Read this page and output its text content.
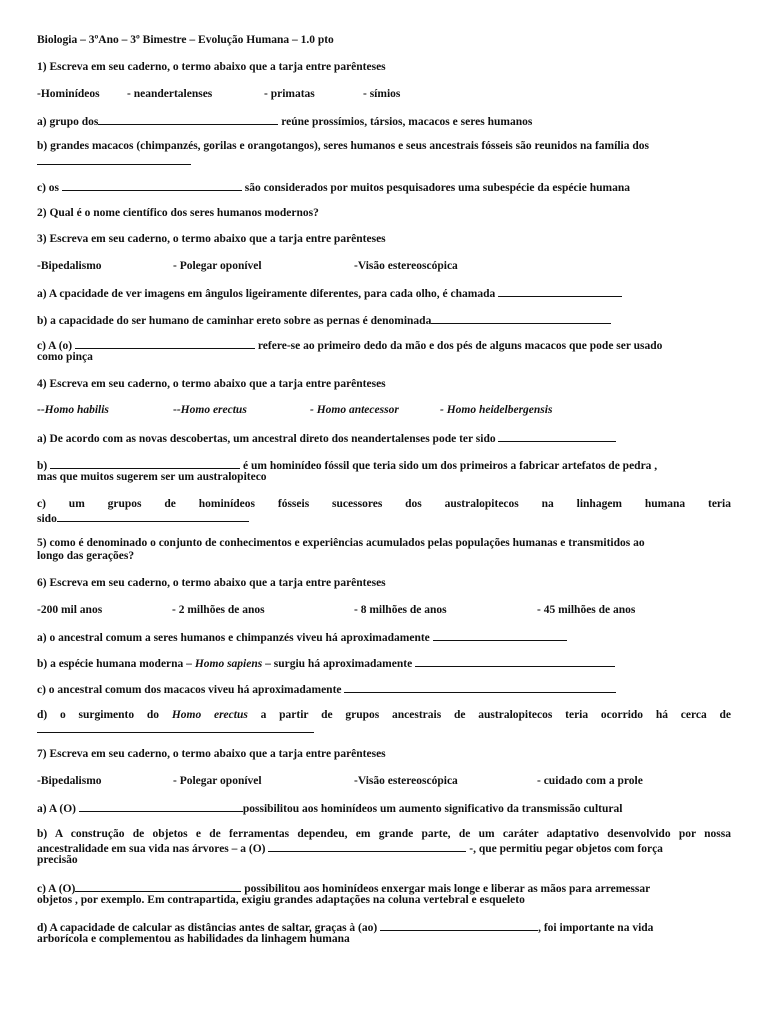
Biologia – 3ºAno – 3º Bimestre – Evolução Humana – 1.0 pto
1) Escreva em seu caderno, o termo abaixo que a tarja entre parênteses
-Hominídeos - neandertalenses	- primatas	- símios
a) grupo dos	reúne prossímios, társios, macacos e seres humanos
b) grandes macacos (chimpanzés, gorilas e orangotangos), seres humanos e seus ancestrais fósseis são reunidos na família dos
c) os	são considerados por muitos pesquisadores uma subespécie da espécie humana
2) Qual é o nome científico dos seres humanos modernos?
3) Escreva em seu caderno, o termo abaixo que a tarja entre parênteses
-Bipedalismo	- Polegar oponível	-Visão estereoscópica
a) A cpacidade de ver imagens em ângulos ligeiramente diferentes, para cada olho, é chamada
b) a capacidade do ser humano de caminhar ereto sobre as pernas é denominada
c) A (o)	refere-se ao primeiro dedo da mão e dos pés de alguns macacos que pode ser usado
como pinça
4) Escreva em seu caderno, o termo abaixo que a tarja entre parênteses
--Homo habilis	--Homo erectus	- Homo antecessor	- Homo heidelbergensis
a) De acordo com as novas descobertas, um ancestral direto dos neandertalenses pode ter sido
b)	é um hominídeo fóssil que teria sido um dos primeiros a fabricar artefatos de pedra ,
mas que muitos sugerem ser um australopiteco
c) um grupos de hominídeos fósseis sucessores dos australopitecos na linhagem humana teria
sido
5) como é denominado o conjunto de conhecimentos e experiências acumulados pelas populações humanas e transmitidos ao
longo das gerações?
6) Escreva em seu caderno, o termo abaixo que a tarja entre parênteses
-200 mil anos	- 2 milhões de anos	- 8 milhões de anos	- 45 milhões de anos
a) o ancestral comum a seres humanos e chimpanzés viveu há aproximadamente
b) a espécie humana moderna – Homo sapiens – surgiu há aproximadamente
c) o ancestral comum dos macacos viveu há aproximadamente
d) o surgimento do Homo erectus a partir de grupos ancestrais de australopitecos teria ocorrido há cerca de
7) Escreva em seu caderno, o termo abaixo que a tarja entre parênteses
-Bipedalismo	- Polegar oponível	-Visão estereoscópica	- cuidado com a prole
a) A (O)	possibilitou aos hominídeos um aumento significativo da transmissão cultural
b) A construção de objetos e de ferramentas dependeu, em grande parte, de um caráter adaptativo desenvolvido por nossa
ancestralidade em sua vida nas árvores – a (O)	-, que permitiu pegar objetos com força
precisão
c) A (O)	possibilitou aos hominídeos enxergar mais longe e liberar as mãos para arremessar
objetos , por exemplo. Em contrapartida, exigiu grandes adaptações na coluna vertebral e esqueleto
d) A capacidade de calcular as distâncias antes de saltar, graças à (ao)	, foi importante na vida
arborícola e complementou as habilidades da linhagem humana
